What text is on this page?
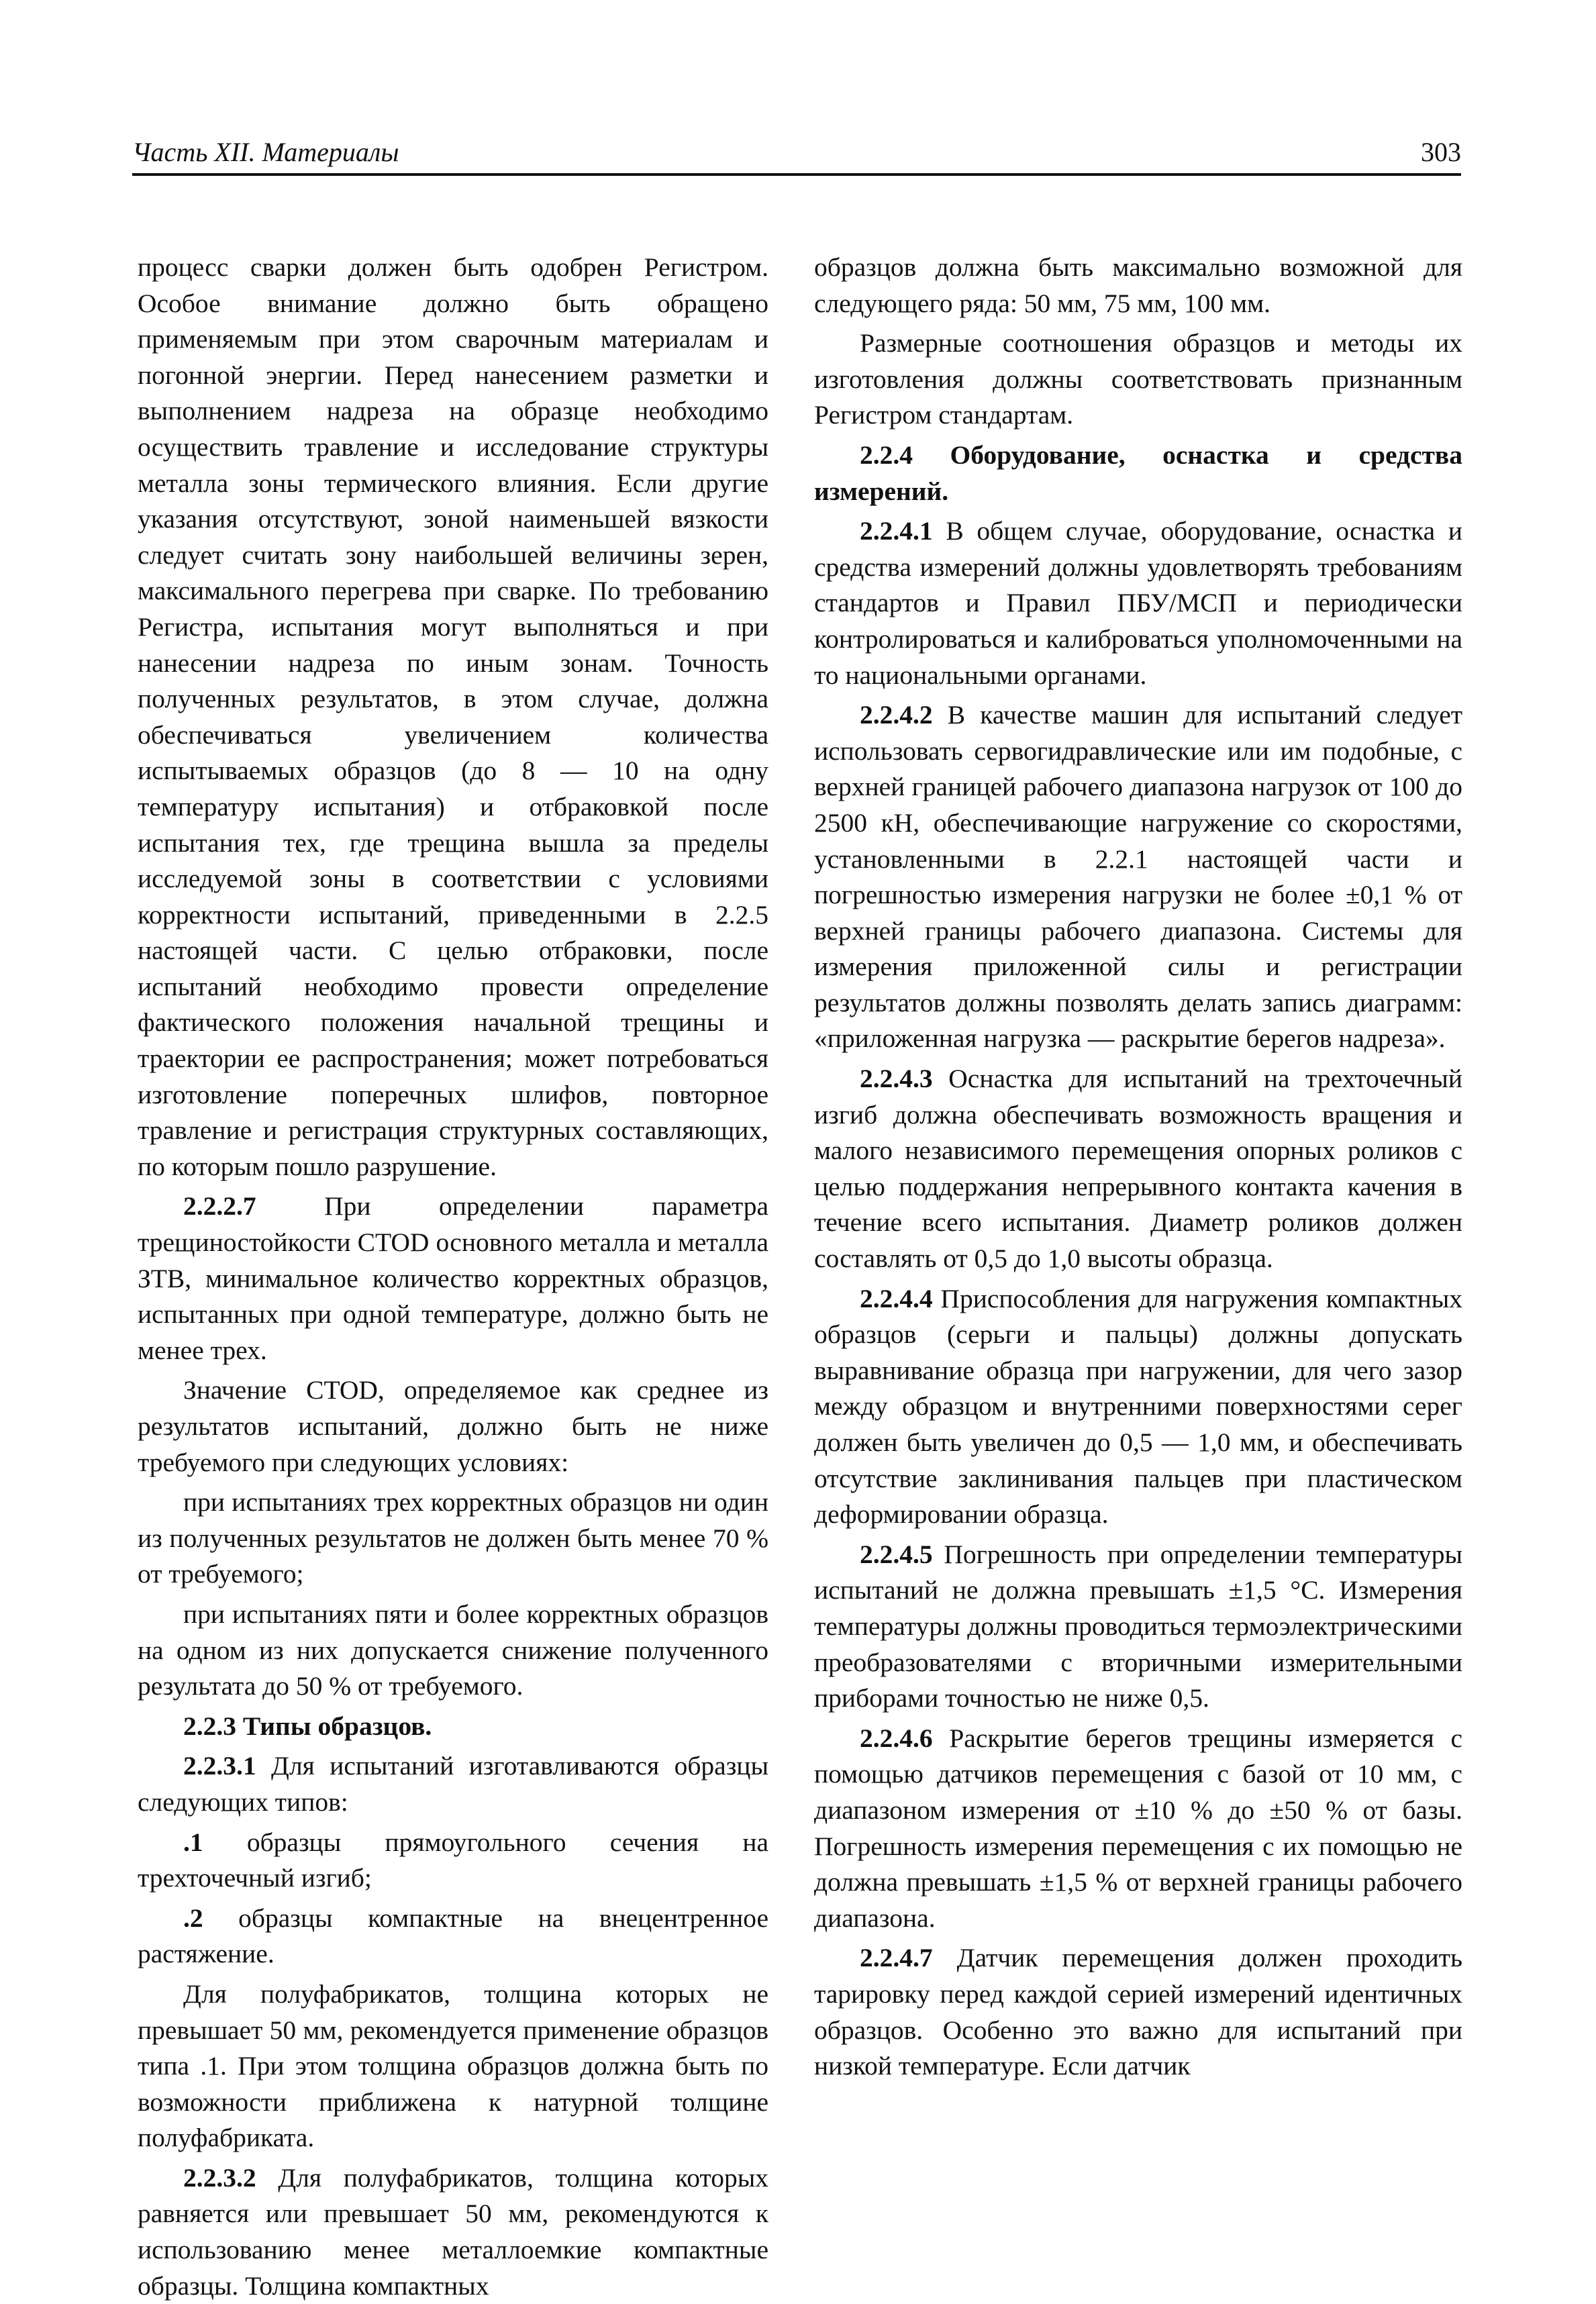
Часть XII. Материалы	303

процесс сварки должен быть одобрен Регистром. Особое внимание должно быть обращено применяемым при этом сварочным материалам и погонной энергии. Перед нанесением разметки и выполнением надреза на образце необходимо осуществить травление и исследование структуры металла зоны термического влияния. Если другие указания отсутствуют, зоной наименьшей вязкости следует считать зону наибольшей величины зерен, максимального перегрева при сварке. По требованию Регистра, испытания могут выполняться и при нанесении надреза по иным зонам. Точность полученных результатов, в этом случае, должна обеспечиваться увеличением количества испытываемых образцов (до 8 — 10 на одну температуру испытания) и отбраковкой после испытания тех, где трещина вышла за пределы исследуемой зоны в соответствии с условиями корректности испытаний, приведенными в 2.2.5 настоящей части. С целью отбраковки, после испытаний необходимо провести определение фактического положения начальной трещины и траектории ее распространения; может потребоваться изготовление поперечных шлифов, повторное травление и регистрация структурных составляющих, по которым пошло разрушение.

2.2.2.7 При определении параметра трещиностойкости CTOD основного металла и металла ЗТВ, минимальное количество корректных образцов, испытанных при одной температуре, должно быть не менее трех.

Значение CTOD, определяемое как среднее из результатов испытаний, должно быть не ниже требуемого при следующих условиях:

при испытаниях трех корректных образцов ни один из полученных результатов не должен быть менее 70 % от требуемого;

при испытаниях пяти и более корректных образцов на одном из них допускается снижение полученного результата до 50 % от требуемого.

2.2.3 Типы образцов.

2.2.3.1 Для испытаний изготавливаются образцы следующих типов:

.1 образцы прямоугольного сечения на трехточечный изгиб;

.2 образцы компактные на внецентренное растяжение.

Для полуфабрикатов, толщина которых не превышает 50 мм, рекомендуется применение образцов типа .1. При этом толщина образцов должна быть по возможности приближена к натурной толщине полуфабриката.

2.2.3.2 Для полуфабрикатов, толщина которых равняется или превышает 50 мм, рекомендуются к использованию менее металлоемкие компактные образцы. Толщина компактных

образцов должна быть максимально возможной для следующего ряда: 50 мм, 75 мм, 100 мм.

Размерные соотношения образцов и методы их изготовления должны соответствовать признанным Регистром стандартам.

2.2.4 Оборудование, оснастка и средства измерений.

2.2.4.1 В общем случае, оборудование, оснастка и средства измерений должны удовлетворять требованиям стандартов и Правил ПБУ/МСП и периодически контролироваться и калиброваться уполномоченными на то национальными органами.

2.2.4.2 В качестве машин для испытаний следует использовать сервогидравлические или им подобные, с верхней границей рабочего диапазона нагрузок от 100 до 2500 кН, обеспечивающие нагружение со скоростями, установленными в 2.2.1 настоящей части и погрешностью измерения нагрузки не более ±0,1 % от верхней границы рабочего диапазона. Системы для измерения приложенной силы и регистрации результатов должны позволять делать запись диаграмм: «приложенная нагрузка — раскрытие берегов надреза».

2.2.4.3 Оснастка для испытаний на трехточечный изгиб должна обеспечивать возможность вращения и малого независимого перемещения опорных роликов с целью поддержания непрерывного контакта качения в течение всего испытания. Диаметр роликов должен составлять от 0,5 до 1,0 высоты образца.

2.2.4.4 Приспособления для нагружения компактных образцов (серьги и пальцы) должны допускать выравнивание образца при нагружении, для чего зазор между образцом и внутренними поверхностями серег должен быть увеличен до 0,5 — 1,0 мм, и обеспечивать отсутствие заклинивания пальцев при пластическом деформировании образца.

2.2.4.5 Погрешность при определении температуры испытаний не должна превышать ±1,5 °С. Измерения температуры должны проводиться термоэлектрическими преобразователями с вторичными измерительными приборами точностью не ниже 0,5.

2.2.4.6 Раскрытие берегов трещины измеряется с помощью датчиков перемещения с базой от 10 мм, с диапазоном измерения от ±10 % до ±50 % от базы. Погрешность измерения перемещения с их помощью не должна превышать ±1,5 % от верхней границы рабочего диапазона.

2.2.4.7 Датчик перемещения должен проходить тарировку перед каждой серией измерений идентичных образцов. Особенно это важно для испытаний при низкой температуре. Если датчик
